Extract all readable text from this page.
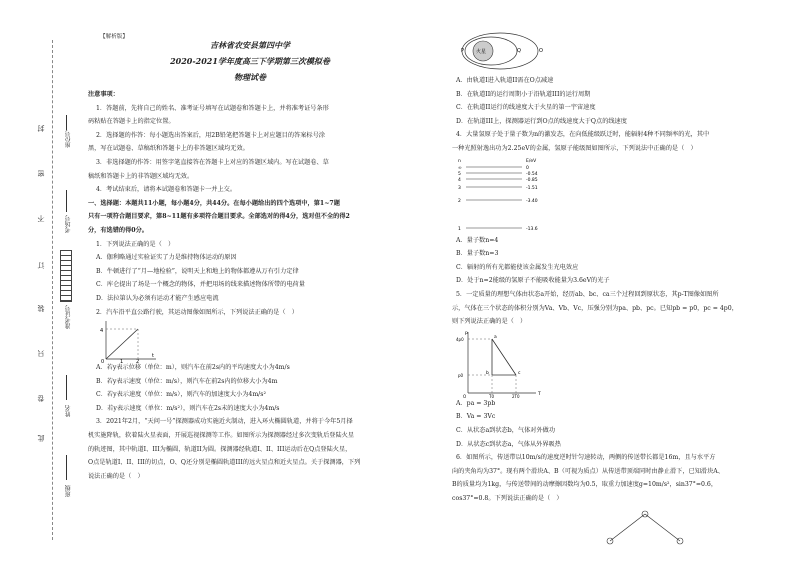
【解析版】
封
密
不
订
装
只
卷
此
座位号
考场号
准考证号
姓名
班级
吉林省农安县第四中学
2020-2021学年度高三下学期第三次模拟卷
物理试卷
注意事项：
1．答题前，先将自己的姓名、准考证号填写在试题卷和答题卡上，并将准考证号条形
码粘贴在答题卡上的指定位置。
2．选择题的作答：每小题选出答案后，用2B铅笔把答题卡上对应题目的答案标号涂
黑，写在试题卷、草稿纸和答题卡上的非答题区域均无效。
3．非选择题的作答：用签字笔直接答在答题卡上对应的答题区域内。写在试题卷、草
稿纸和答题卡上的非答题区域均无效。
4．考试结束后，请将本试题卷和答题卡一并上交。
一、选择题：本题共11小题，每小题4分，共44分。在每小题给出的四个选项中，第1~7题
只有一项符合题目要求，第8~11题有多项符合题目要求。全部选对的得4分，选对但不全的得2
分，有选错的得0分。
1．下列说法正确的是（　）
A．伽利略通过实验证实了力是维持物体运动的原因
B．牛顿进行了“月—地检验”，说明天上和地上的物体都遵从万有引力定律
C．库仑提出了场是一个概念的物体，并把用场的线来描述物体所带的电荷量
D．法拉第认为必须有运动才能产生感应电流
2．汽车沿平直公路行驶，其运动图像如图所示，下列说法正确的是（　）
4
0	1	2
t
A．若y表示位移（单位：m），则汽车在前2s内的平均速度大小为4m/s
B．若y表示速度（单位：m/s），则汽车在前2s内的位移大小为4m
C．若y表示速度（单位：m/s），则汽车的加速度大小为4m/s²
D．若y表示速度（单位：m/s²），则汽车在2s末的速度大小为4m/s
3．2021年2月，“天问一号”探测器成功实施近火制动，进入环火椭圆轨道，并将于今年5月择
机实施降轨，软着陆火星表面，开展巡视探测等工作。如图所示为探测器经过多次变轨后登陆火星
的轨迹图，其中轨道I、III为椭圆，轨道II为圆。探测器经轨道I、II、III运动后在Q点登陆火星，
O点是轨道I、II、III的切点，O、Q还分别是椭圆轨道III的远火星点和近火星点。关于探测器，下列
说法正确的是（　）
火星
P	Q	O
A．由轨道I进入轨道II需在O点减速
B．在轨道II的运行周期小于沿轨道III的运行周期
C．在轨道II运行的线速度大于火星的第一宇宙速度
D．在轨道III上，探测器运行到O点的线速度大于Q点的线速度
4．大量氢原子处于量子数为n的激发态，在向低能级跃迁时，能辐射4种不同频率的光，其中
一种光照射逸出功为2.25eV的金属，氢原子能级图如图所示，下列说法中正确的是（　）
n	E/eV
∞	0
5	-0.54
4	-0.85
3	-1.51
2	-3.40
1	-13.6
A．量子数n=4
B．量子数n=3
C．辐射的所有光都能使该金属发生光电效应
D．处于n=2能级的氢原子不能吸收能量为3.6eV的光子
5．一定质量的理想气体由状态a开始，经历ab、bc、ca三个过程回到原状态，其p-T图像如图所
示，气体在三个状态的体积分别为Va、Vb、Vc，压强分别为pa、pb、pc。已知pb = p0，pc = 4p0，
则下列说法正确的是（　）
p
T
4p0
p0
T0	2T0
O
a
b	c
A．pa = 3pb
B．Va = 3Vc
C．从状态a到状态b，气体对外做功
D．从状态c到状态a，气体从外界吸热
6．如图所示，传送带以10m/s的速度逆时针匀速转动，两侧的传送带长都是16m，且与水平方
向的夹角均为37°。现有两个滑块A、B（可视为质点）从传送带顶端同时由静止滑下，已知滑块A、
B的质量均为1kg，与传送带间的动摩擦因数均为0.5，取重力加速度g=10m/s²，sin37°=0.6，
cos37°=0.8。下列说法正确的是（　）
